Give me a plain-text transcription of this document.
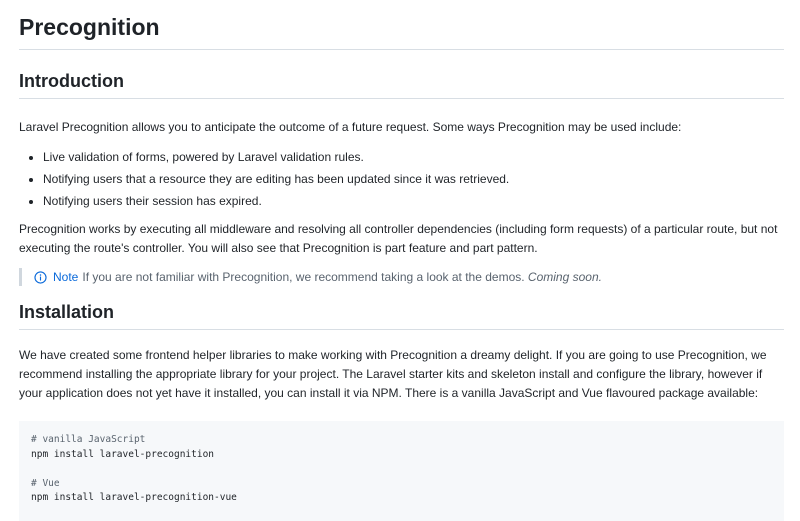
Precognition
Introduction

Laravel Precognition allows you to anticipate the outcome of a future request. Some ways Precognition may be used include:

• Live validation of forms, powered by Laravel validation rules.
• Notifying users that a resource they are editing has been updated since it was retrieved.
• Notifying users their session has expired.

Precognition works by executing all middleware and resolving all controller dependencies (including form requests) of a particular route, but not executing the route's controller. You will also see that Precognition is part feature and part pattern.

Note If you are not familiar with Precognition, we recommend taking a look at the demos. Coming soon.
Installation

We have created some frontend helper libraries to make working with Precognition a dreamy delight. If you are going to use Precognition, we recommend installing the appropriate library for your project. The Laravel starter kits and skeleton install and configure the library, however if your application does not yet have it installed, you can install it via NPM. There is a vanilla JavaScript and Vue flavoured package available:

# vanilla JavaScript
npm install laravel-precognition
# Vue
npm install laravel-precognition-vue
